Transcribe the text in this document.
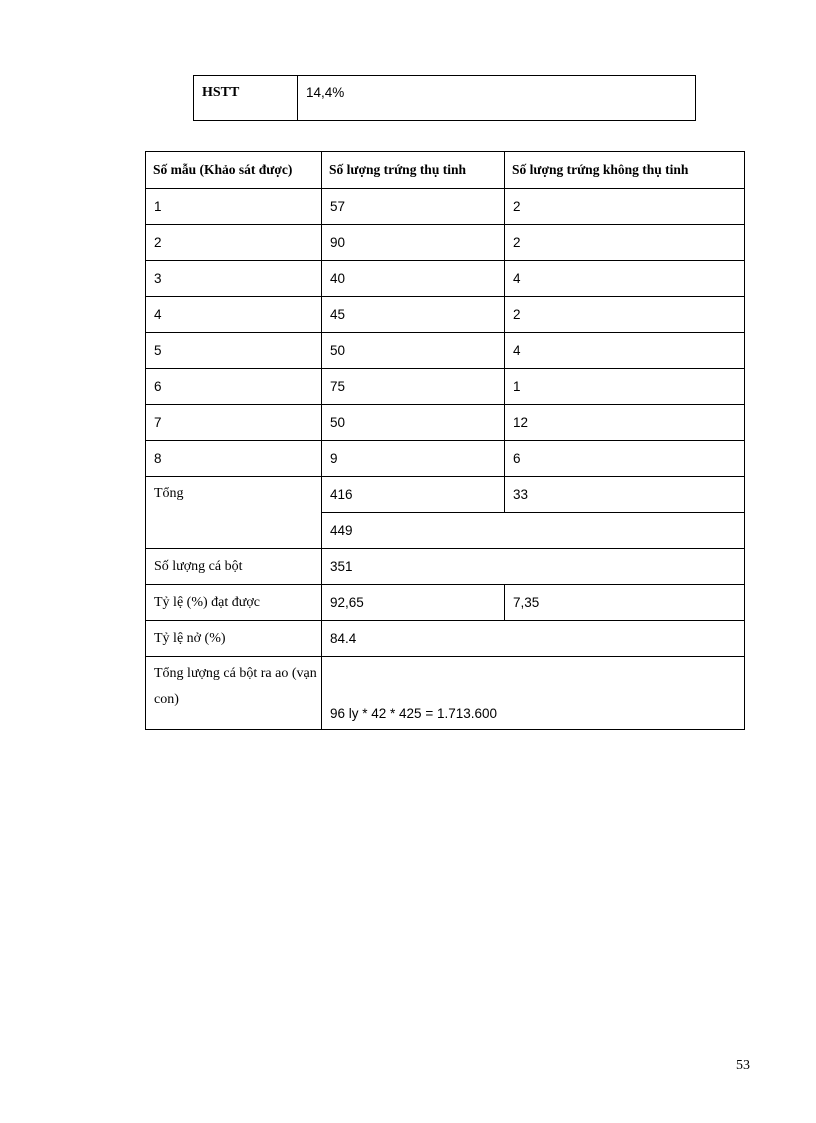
HSTT	14,4%
Số mẫu (Khảo sát được)	Số lượng trứng thụ tinh	Số lượng trứng không thụ tinh
1	57	2
2	90	2
3	40	4
4	45	2
5	50	4
6	75	1
7	50	12
8	9	6
Tổng	416	33
	449	
Số lượng cá bột	351	
Tỷ lệ (%) đạt được	92,65	7,35
Tỷ lệ nở (%)	84.4	
Tổng lượng cá bột ra ao (vạn con)	96 ly * 42 * 425 = 1.713.600	
53
